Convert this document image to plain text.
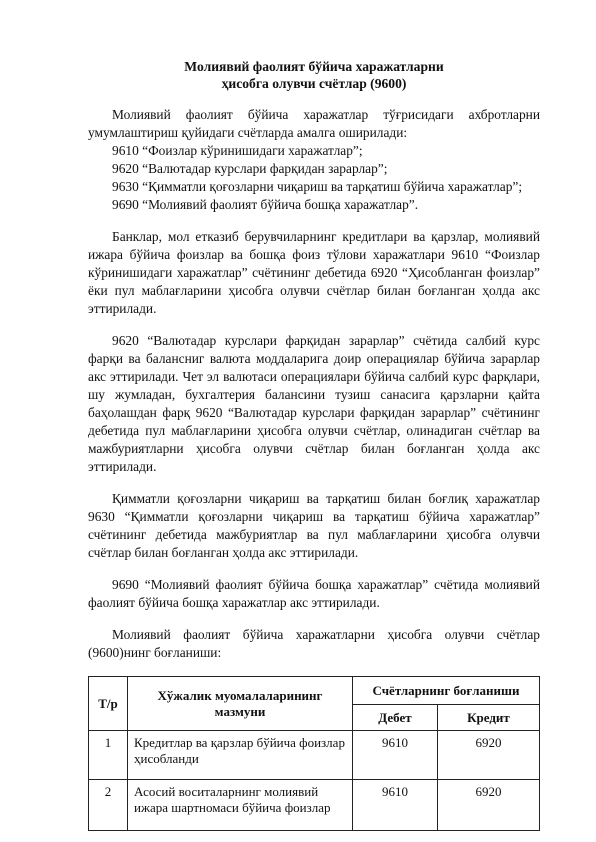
Молиявий фаолият бўйича харажатларни
ҳисобга олувчи счётлар (9600)

Молиявий фаолият бўйича харажатлар тўғрисидаги ахбротларни умумлаштириш қуйидаги счётларда амалга оширилади:

9610 “Фоизлар кўринишидаги харажатлар”;

9620 “Валютадар курслари фарқидан зарарлар”;

9630 “Қимматли қоғозларни чиқариш ва тарқатиш бўйича харажатлар”;

9690 “Молиявий фаолият бўйича бошқа харажатлар”.

Банклар, мол етказиб берувчиларнинг кредитлари ва қарзлар, молиявий ижара бўйича фоизлар ва бошқа фоиз тўлови харажатлари 9610 “Фоизлар кўринишидаги харажатлар” счётининг дебетида 6920 “Ҳисобланган фоизлар” ёки пул маблағларини ҳисобга олувчи счётлар билан боғланган ҳолда акс эттирилади.

9620 “Валютадар курслари фарқидан зарарлар” счётида салбий курс фарқи ва балансниг валюта моддаларига доир операциялар бўйича зарарлар акс эттирилади. Чет эл валютаси операциялари бўйича салбий курс фарқлари, шу жумладан, бухгалтерия балансини тузиш санасига қарзларни қайта баҳолашдан фарқ 9620 “Валютадар курслари фарқидан зарарлар” счётининг дебетида пул маблағларини ҳисобга олувчи счётлар, олинадиган счётлар ва мажбуриятларни ҳисобга олувчи счётлар билан боғланган ҳолда акс эттирилади.

Қимматли қоғозларни чиқариш ва тарқатиш билан боғлиқ харажатлар 9630 “Қимматли қоғозларни чиқариш ва тарқатиш бўйича харажатлар” счётининг дебетида мажбуриятлар ва пул маблағларини ҳисобга олувчи счётлар билан боғланган ҳолда акс эттирилади.

9690 “Молиявий фаолият бўйича бошқа харажатлар” счётида молиявий фаолият бўйича бошқа харажатлар акс эттирилади.

Молиявий фаолият бўйича харажатларни ҳисобга олувчи счётлар (9600)нинг боғланиши:

Т/р	Хўжалик муомалаларининг мазмуни	Счётларнинг боғланиши	
		Дебет	Кредит
1	Кредитлар ва қарзлар бўйича фоизлар ҳисобланди	9610	6920
2	Асосий воситаларнинг молиявий ижара шартномаси бўйича фоизлар	9610	6920
